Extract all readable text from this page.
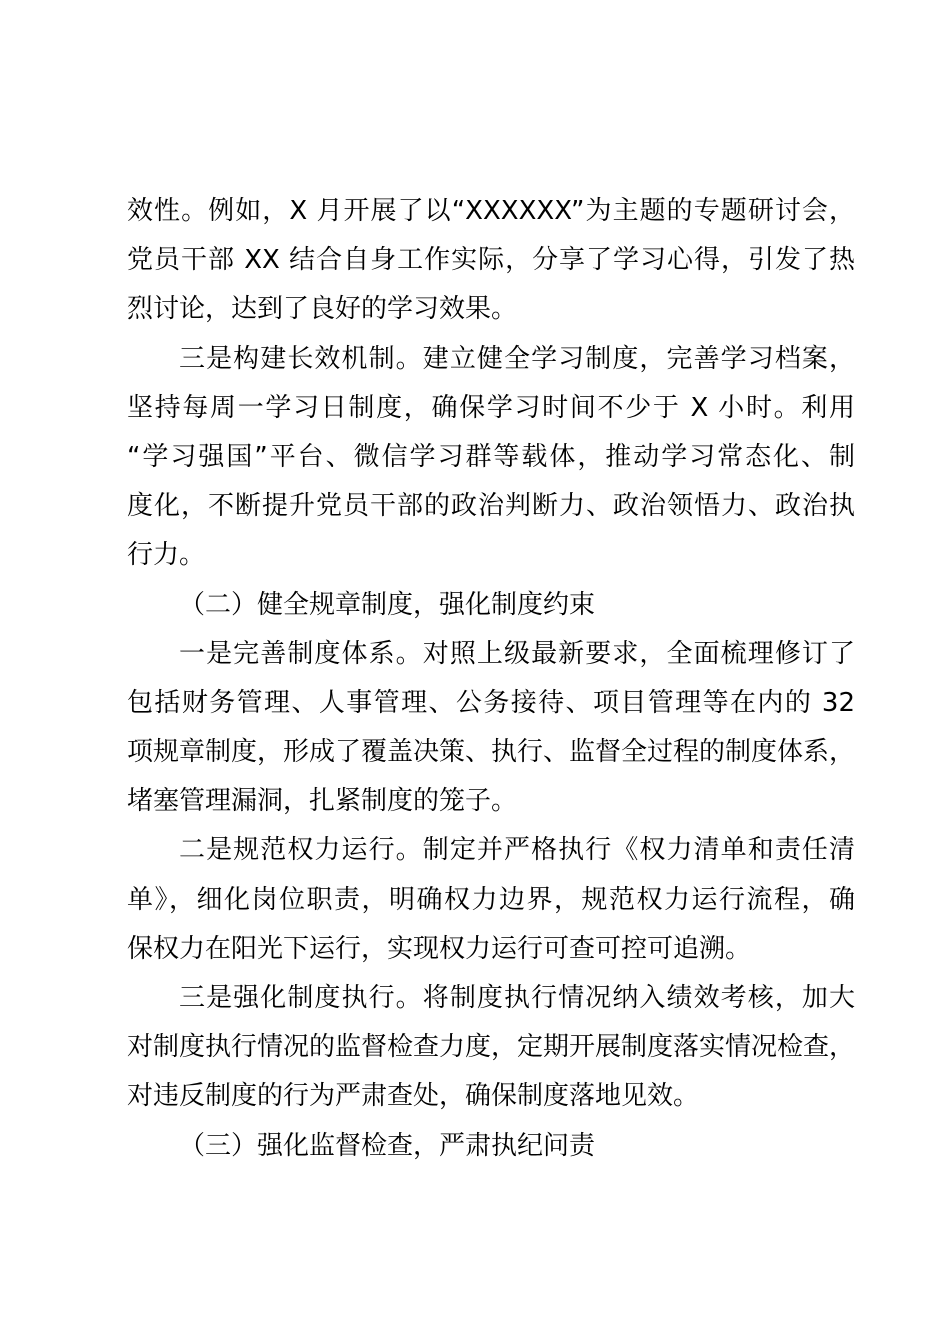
效性。例如，X 月开展了以“XXXXXX”为主题的专题研讨会，
党员干部 XX 结合自身工作实际，分享了学习心得，引发了热
烈讨论，达到了良好的学习效果。
三是构建长效机制。建立健全学习制度，完善学习档案，
坚持每周一学习日制度，确保学习时间不少于 X 小时。利用
“学习强国”平台、微信学习群等载体，推动学习常态化、制
度化，不断提升党员干部的政治判断力、政治领悟力、政治执
行力。
（二）健全规章制度，强化制度约束
一是完善制度体系。对照上级最新要求，全面梳理修订了
包括财务管理、人事管理、公务接待、项目管理等在内的 32
项规章制度，形成了覆盖决策、执行、监督全过程的制度体系，
堵塞管理漏洞，扎紧制度的笼子。
二是规范权力运行。制定并严格执行《权力清单和责任清
单》，细化岗位职责，明确权力边界，规范权力运行流程，确
保权力在阳光下运行，实现权力运行可查可控可追溯。
三是强化制度执行。将制度执行情况纳入绩效考核，加大
对制度执行情况的监督检查力度，定期开展制度落实情况检查，
对违反制度的行为严肃查处，确保制度落地见效。
（三）强化监督检查，严肃执纪问责
